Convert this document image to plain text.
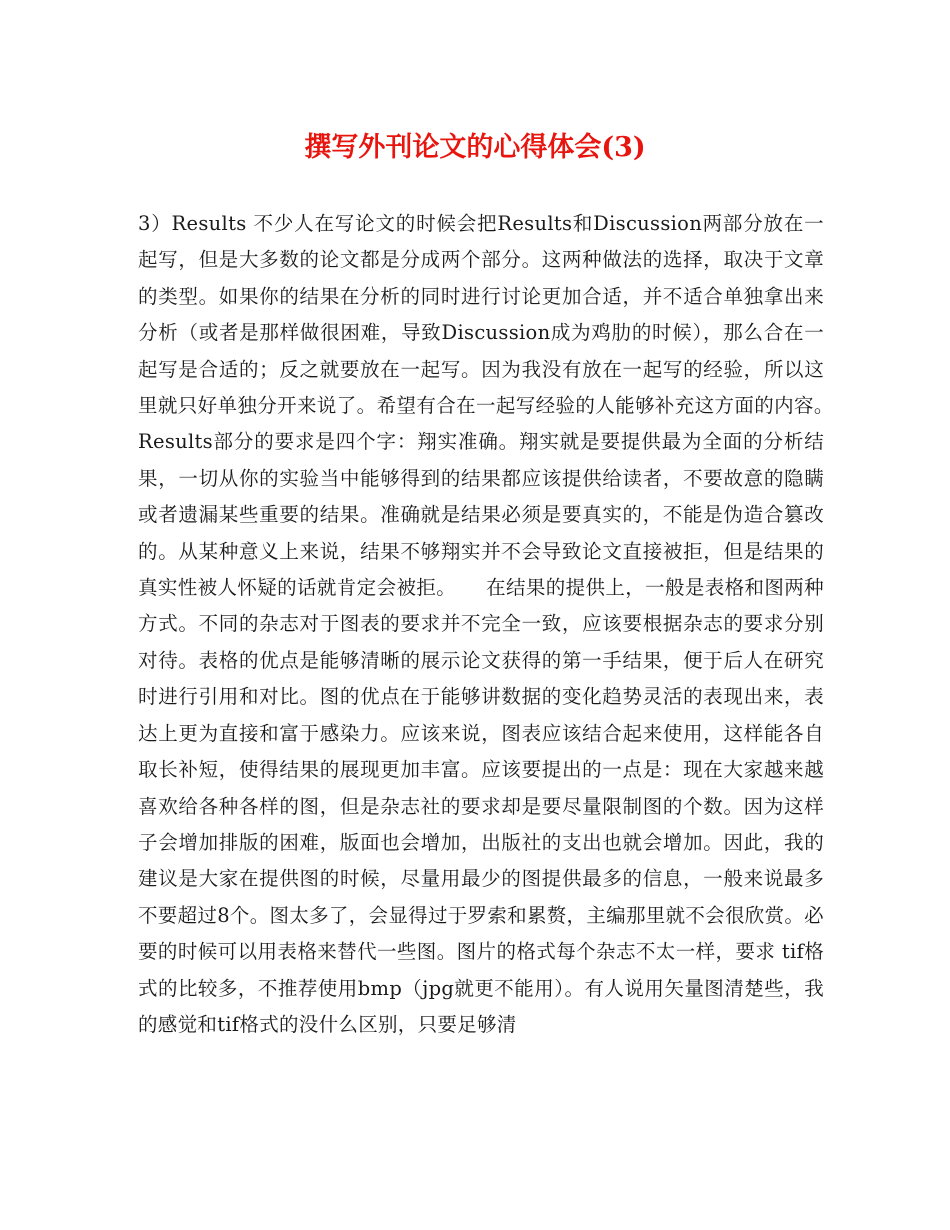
撰写外刊论文的心得体会(3)

3）Results 不少人在写论文的时候会把Results和Discussion两部分放在一起写，但是大多数的论文都是分成两个部分。这两种做法的选择，取决于文章的类型。如果你的结果在分析的同时进行讨论更加合适，并不适合单独拿出来分析（或者是那样做很困难，导致Discussion成为鸡肋的时候），那么合在一起写是合适的；反之就要放在一起写。因为我没有放在一起写的经验，所以这里就只好单独分开来说了。希望有合在一起写经验的人能够补充这方面的内容。　　　Results部分的要求是四个字：翔实准确。翔实就是要提供最为全面的分析结果，一切从你的实验当中能够得到的结果都应该提供给读者，不要故意的隐瞒或者遗漏某些重要的结果。准确就是结果必须是要真实的，不能是伪造合篡改的。从某种意义上来说，结果不够翔实并不会导致论文直接被拒，但是结果的真实性被人怀疑的话就肯定会被拒。　　在结果的提供上，一般是表格和图两种方式。不同的杂志对于图表的要求并不完全一致，应该要根据杂志的要求分别对待。表格的优点是能够清晰的展示论文获得的第一手结果，便于后人在研究时进行引用和对比。图的优点在于能够讲数据的变化趋势灵活的表现出来，表达上更为直接和富于感染力。应该来说，图表应该结合起来使用，这样能各自取长补短，使得结果的展现更加丰富。应该要提出的一点是：现在大家越来越喜欢给各种各样的图，但是杂志社的要求却是要尽量限制图的个数。因为这样子会增加排版的困难，版面也会增加，出版社的支出也就会增加。因此，我的建议是大家在提供图的时候，尽量用最少的图提供最多的信息，一般来说最多不要超过8个。图太多了，会显得过于罗索和累赘，主编那里就不会很欣赏。必要的时候可以用表格来替代一些图。图片的格式每个杂志不太一样，要求 tif格式的比较多，不推荐使用bmp（jpg就更不能用）。有人说用矢量图清楚些，我的感觉和tif格式的没什么区别，只要足够清
